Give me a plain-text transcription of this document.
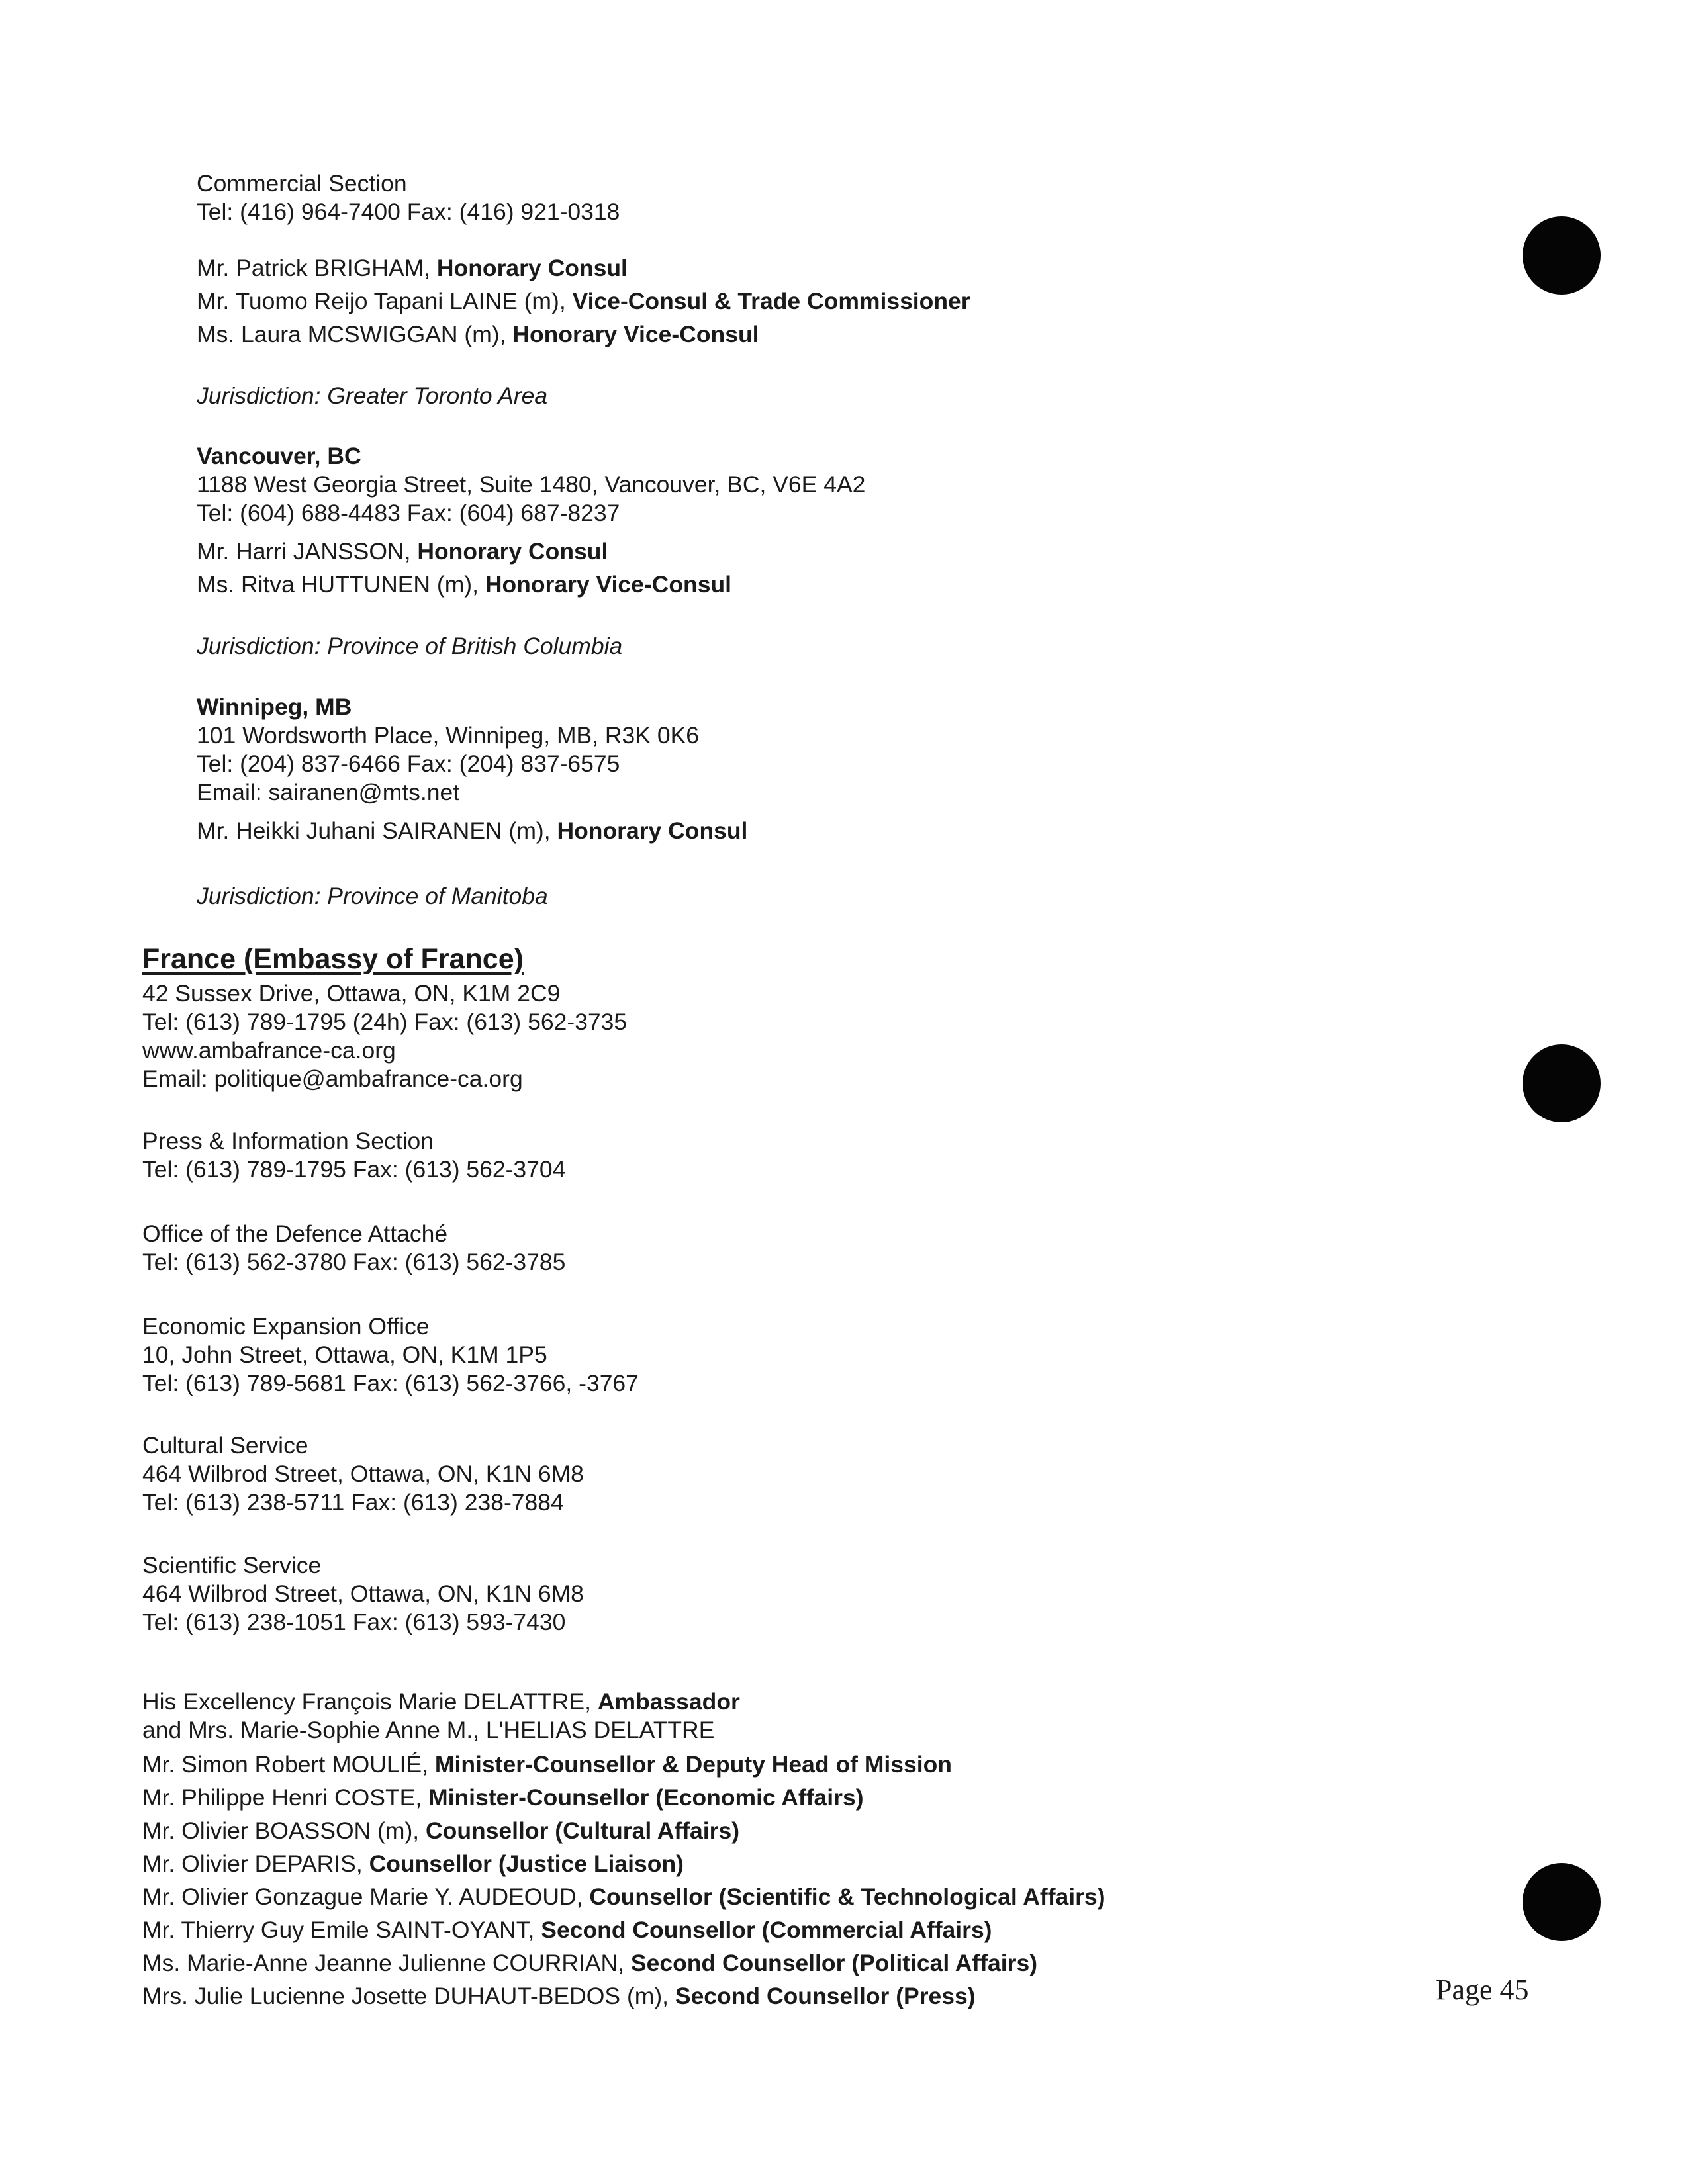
Commercial Section
Tel: (416) 964-7400 Fax: (416) 921-0318
Mr. Patrick BRIGHAM, Honorary Consul
Mr. Tuomo Reijo Tapani LAINE (m), Vice-Consul & Trade Commissioner
Ms. Laura MCSWIGGAN (m), Honorary Vice-Consul
Jurisdiction: Greater Toronto Area
Vancouver, BC
1188 West Georgia Street, Suite 1480, Vancouver, BC, V6E 4A2
Tel: (604) 688-4483 Fax: (604) 687-8237
Mr. Harri JANSSON, Honorary Consul
Ms. Ritva HUTTUNEN (m), Honorary Vice-Consul
Jurisdiction: Province of British Columbia
Winnipeg, MB
101 Wordsworth Place, Winnipeg, MB, R3K 0K6
Tel: (204) 837-6466 Fax: (204) 837-6575
Email: sairanen@mts.net
Mr. Heikki Juhani SAIRANEN (m), Honorary Consul
Jurisdiction: Province of Manitoba
France (Embassy of France)
42 Sussex Drive, Ottawa, ON, K1M 2C9
Tel: (613) 789-1795 (24h) Fax: (613) 562-3735
www.ambafrance-ca.org
Email: politique@ambafrance-ca.org
Press & Information Section
Tel: (613) 789-1795 Fax: (613) 562-3704
Office of the Defence Attaché
Tel: (613) 562-3780 Fax: (613) 562-3785
Economic Expansion Office
10, John Street, Ottawa, ON, K1M 1P5
Tel: (613) 789-5681 Fax: (613) 562-3766, -3767
Cultural Service
464 Wilbrod Street, Ottawa, ON, K1N 6M8
Tel: (613) 238-5711 Fax: (613) 238-7884
Scientific Service
464 Wilbrod Street, Ottawa, ON, K1N 6M8
Tel: (613) 238-1051 Fax: (613) 593-7430
His Excellency François Marie DELATTRE, Ambassador
and Mrs. Marie-Sophie Anne M., L'HELIAS DELATTRE
Mr. Simon Robert MOULIÉ, Minister-Counsellor & Deputy Head of Mission
Mr. Philippe Henri COSTE, Minister-Counsellor (Economic Affairs)
Mr. Olivier BOASSON (m), Counsellor (Cultural Affairs)
Mr. Olivier DEPARIS, Counsellor (Justice Liaison)
Mr. Olivier Gonzague Marie Y. AUDEOUD, Counsellor (Scientific & Technological Affairs)
Mr. Thierry Guy Emile SAINT-OYANT, Second Counsellor (Commercial Affairs)
Ms. Marie-Anne Jeanne Julienne COURRIAN, Second Counsellor (Political Affairs)
Mrs. Julie Lucienne Josette DUHAUT-BEDOS (m), Second Counsellor (Press)	Page 45
